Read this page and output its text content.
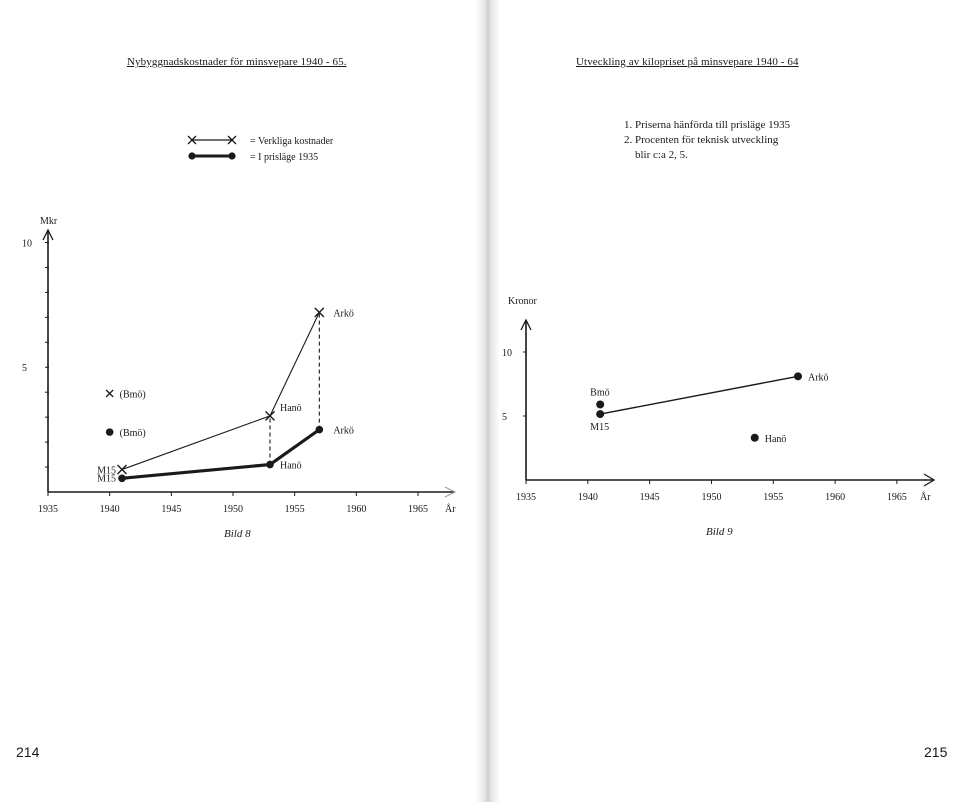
Nybyggnadskostnader för minsvepare 1940 - 65.
= Verkliga kostnader
= I prisläge 1935
Mkr
År
5
10
1935	1940	1945	1950	1955	1960	1965
M15
Hanö
Arkö
M15
Hanö
Arkö
(Bmö)
(Bmö)
Bild 8
214
Utveckling av kilopriset på minsvepare 1940 - 64
1. Priserna hänförda till prisläge 1935
2. Procenten för teknisk utveckling
blir c:a 2, 5.
Kronor
År
5
10
1935	1940	1945	1950	1955	1960	1965
M15
Arkö
Bmö
Hanö
Bild 9
215
